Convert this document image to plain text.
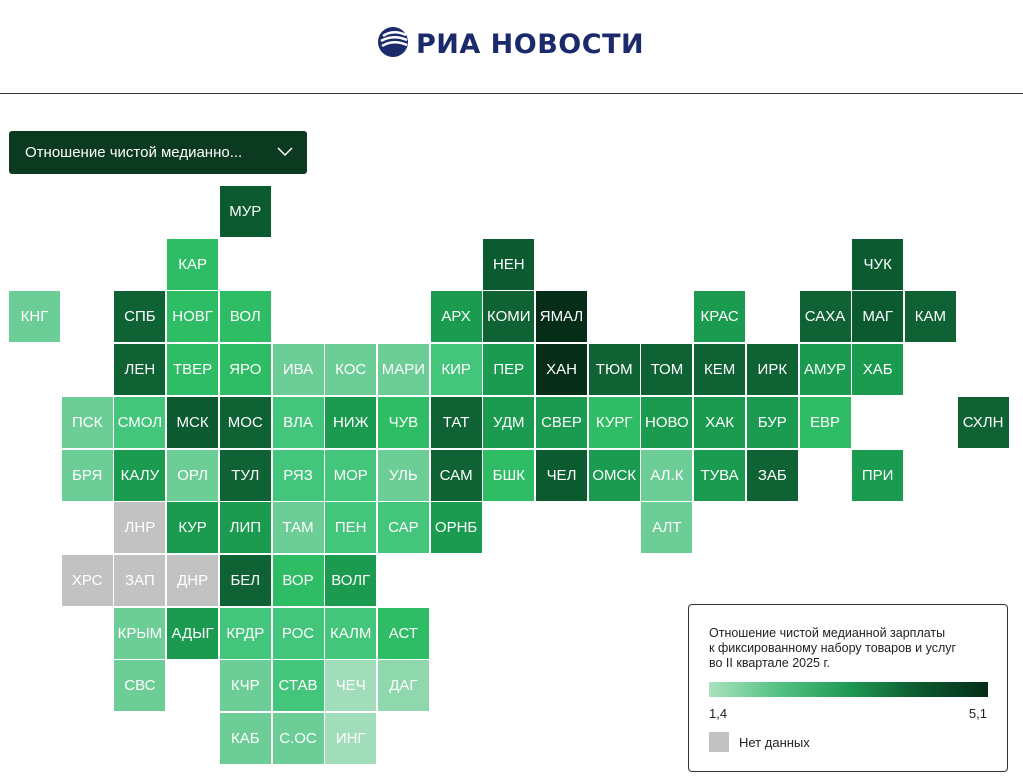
РИА НОВОСТИ
Отношение чистой медианно...
МУР
КАР	НЕН	ЧУК
КНГ	СПБ	НОВГ	ВОЛ	АРХ	КОМИ ЯМАЛ	КРАС	САХА	МАГ	КАМ
ЛЕН	ТВЕР	ЯРО	ИВА	КОС	МАРИ	КИР	ПЕР	ХАН	ТЮМ	ТОМ	КЕМ	ИРК	АМУР	ХАБ
ПСК	СМОЛ МСК	МОС	ВЛА	НИЖ	ЧУВ	ТАТ	УДМ	СВЕР КУРГ НОВО	ХАК	БУР	ЕВР	СХЛН
БРЯ	КАЛУ	ОРЛ	ТУЛ	РЯЗ	МОР	УЛЬ	САМ	БШК	ЧЕЛ	ОМСК АЛ.К	ТУВА	ЗАБ	ПРИ
ЛНР	КУР	ЛИП	ТАМ	ПЕН	САР	ОРНБ	АЛТ
ХРС	ЗАП	ДНР	БЕЛ	ВОР	ВОЛГ
КРЫМ АДЫГ КРДР	РОС	КАЛМ	АСТ
СВС	КЧР	СТАВ	ЧЕЧ	ДАГ
КАБ	С.ОС	ИНГ

Отношение чистой медианной зарплаты
к фиксированному набору товаров и услуг
во II квартале 2025 г.

1,4	5,1
Нет данных
